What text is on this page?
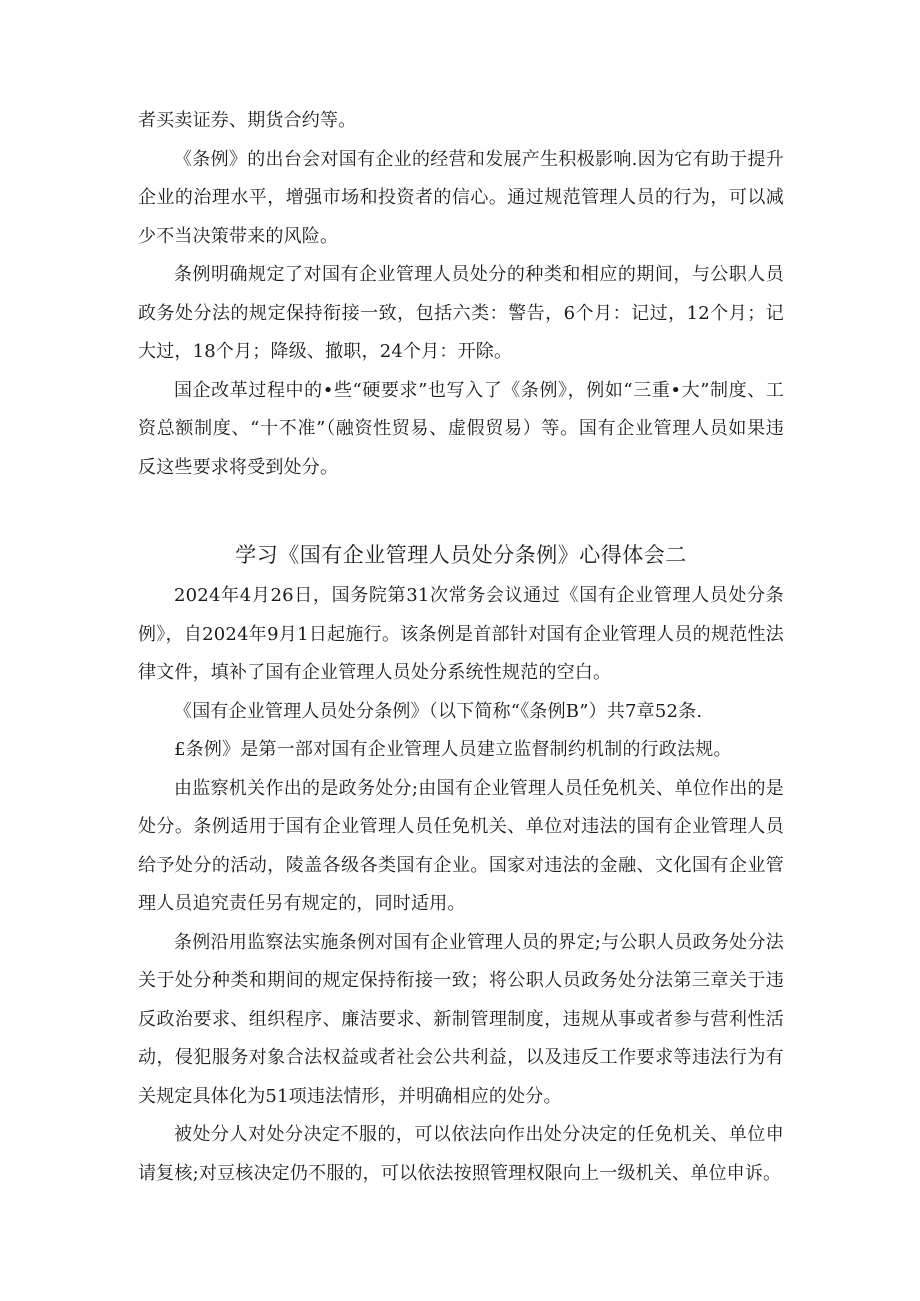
者买卖证券、期货合约等。

《条例》的出台会对国有企业的经营和发展产生积极影响.因为它有助于提升企业的治理水平，增强市场和投资者的信心。通过规范管理人员的行为，可以减少不当决策带来的风险。

条例明确规定了对国有企业管理人员处分的种类和相应的期间，与公职人员政务处分法的规定保持衔接一致，包括六类：警告，6个月：记过，12个月；记大过，18个月；降级、撤职，24个月：开除。

国企改革过程中的•些“硬要求”也写入了《条例》，例如“三重•大”制度、工资总额制度、“十不准”（融资性贸易、虚假贸易）等。国有企业管理人员如果违反这些要求将受到处分。

学习《国有企业管理人员处分条例》心得体会二

2024年4月26日，国务院第31次常务会议通过《国有企业管理人员处分条例》，自2024年9月1日起施行。该条例是首部针对国有企业管理人员的规范性法律文件，填补了国有企业管理人员处分系统性规范的空白。

《国有企业管理人员处分条例》（以下简称“《条例B”）共7章52条.

£条例》是第一部对国有企业管理人员建立监督制约机制的行政法规。

由监察机关作出的是政务处分;由国有企业管理人员任免机关、单位作出的是处分。条例适用于国有企业管理人员任免机关、单位对违法的国有企业管理人员给予处分的活动，陵盖各级各类国有企业。国家对违法的金融、文化国有企业管理人员追究责任另有规定的，同时适用。

条例沿用监察法实施条例对国有企业管理人员的界定;与公职人员政务处分法关于处分种类和期间的规定保持衔接一致；将公职人员政务处分法第三章关于违反政治要求、组织程序、廉洁要求、新制管理制度，违规从事或者参与营利性活动，侵犯服务对象合法权益或者社会公共利益，以及违反工作要求等违法行为有关规定具体化为51项违法情形，并明确相应的处分。

被处分人对处分决定不服的，可以依法向作出处分决定的任免机关、单位申请复核;对豆核决定仍不服的，可以依法按照管理权限向上一级机关、单位申诉。
